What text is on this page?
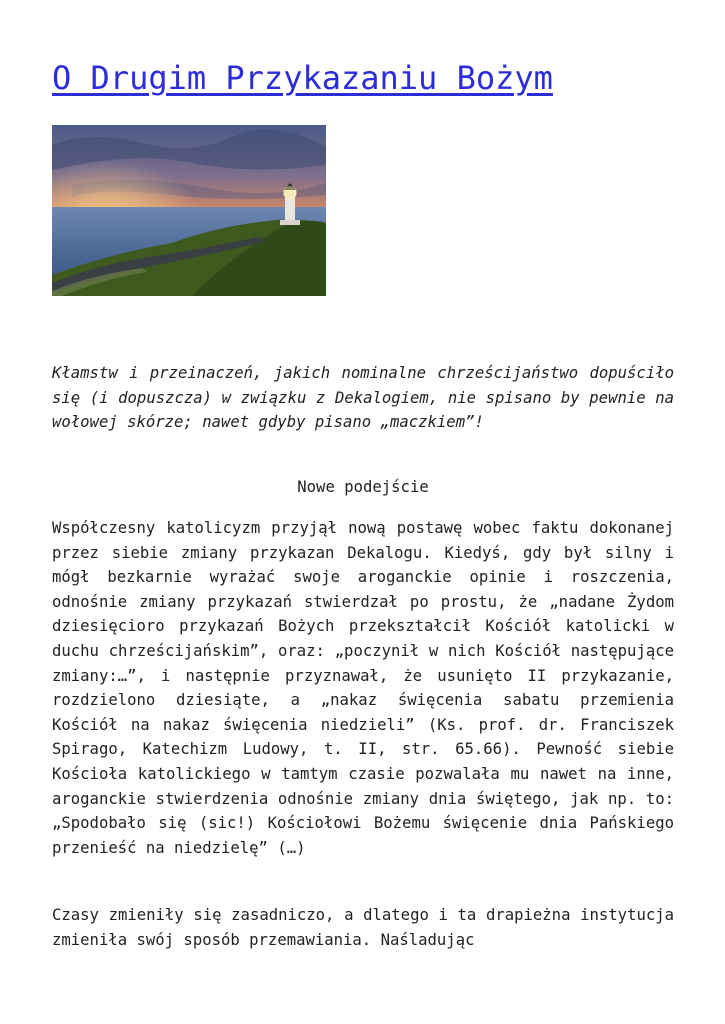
O Drugim Przykazaniu Bożym

Kłamstw i przeinaczeń, jakich nominalne chrześcijaństwo dopuściło się (i dopuszcza) w związku z Dekalogiem, nie spisano by pewnie na wołowej skórze; nawet gdyby pisano „maczkiem”!

Nowe podejście

Współczesny katolicyzm przyjął nową postawę wobec faktu dokonanej przez siebie zmiany przykazan Dekalogu. Kiedyś, gdy był silny i mógł bezkarnie wyrażać swoje aroganckie opinie i roszczenia, odnośnie zmiany przykazań stwierdzał po prostu, że „nadane Żydom dziesięcioro przykazań Bożych przekształcił Kościół katolicki w duchu chrześcijańskim”, oraz: „poczynił w nich Kościół następujące zmiany:…”, i następnie przyznawał, że usunięto II przykazanie, rozdzielono dziesiąte, a „nakaz święcenia sabatu przemienia Kościół na nakaz święcenia niedzieli” (Ks. prof. dr. Franciszek Spirago, Katechizm Ludowy, t. II, str. 65.66). Pewność siebie Kościoła katolickiego w tamtym czasie pozwalała mu nawet na inne, aroganckie stwierdzenia odnośnie zmiany dnia świętego, jak np. to: „Spodobało się (sic!) Kościołowi Bożemu święcenie dnia Pańskiego przenieść na niedzielę” (…)

Czasy zmieniły się zasadniczo, a dlatego i ta drapieżna instytucja zmieniła swój sposób przemawiania. Naśladując
